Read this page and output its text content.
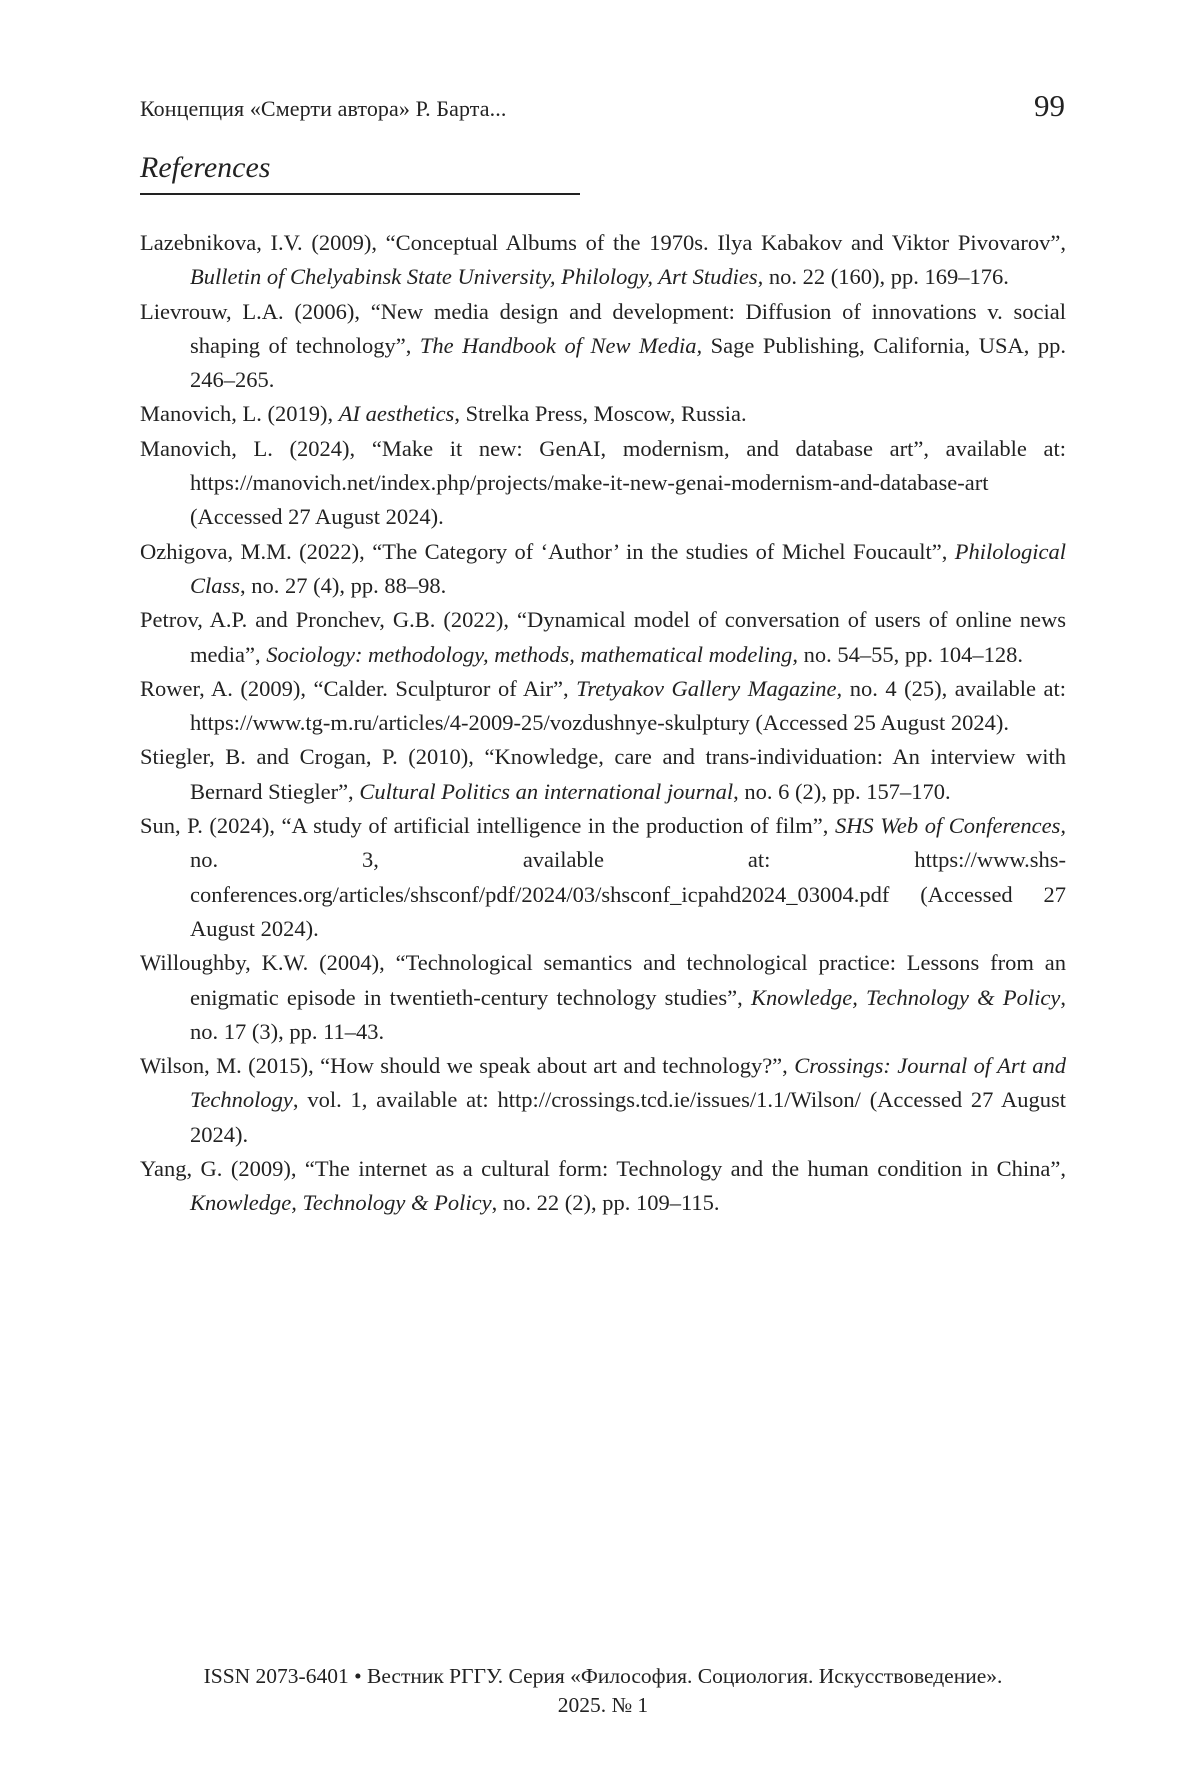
Концепция «Смерти автора» Р. Барта...	99
References

Lazebnikova, I.V. (2009), “Conceptual Albums of the 1970s. Ilya Kabakov and Viktor Pivovarov”, Bulletin of Chelyabinsk State University, Philology, Art Studies, no. 22 (160), pp. 169–176.

Lievrouw, L.A. (2006), “New media design and development: Diffusion of innovations v. social shaping of technology”, The Handbook of New Media, Sage Publishing, California, USA, pp. 246–265.

Manovich, L. (2019), AI aesthetics, Strelka Press, Moscow, Russia.

Manovich, L. (2024), “Make it new: GenAI, modernism, and database art”, available at: https://manovich.net/index.php/projects/make-it-new-genai-modernism-and-database-art (Accessed 27 August 2024).

Ozhigova, M.M. (2022), “The Category of ‘Author’ in the studies of Michel Foucault”, Philological Class, no. 27 (4), pp. 88–98.

Petrov, A.P. and Pronchev, G.B. (2022), “Dynamical model of conversation of users of online news media”, Sociology: methodology, methods, mathematical modeling, no. 54–55, pp. 104–128.

Rower, A. (2009), “Calder. Sculpturor of Air”, Tretyakov Gallery Magazine, no. 4 (25), available at: https://www.tg-m.ru/articles/4-2009-25/vozdushnye-skulptury (Accessed 25 August 2024).

Stiegler, B. and Crogan, P. (2010), “Knowledge, care and trans-individuation: An interview with Bernard Stiegler”, Cultural Politics an international journal, no. 6 (2), pp. 157–170.

Sun, P. (2024), “A study of artificial intelligence in the production of film”, SHS Web of Conferences, no. 3, available at: https://www.shs-conferences.org/articles/shsconf/pdf/2024/03/shsconf_icpahd2024_03004.pdf (Accessed 27 August 2024).

Willoughby, K.W. (2004), “Technological semantics and technological practice: Lessons from an enigmatic episode in twentieth-century technology studies”, Knowledge, Technology & Policy, no. 17 (3), pp. 11–43.

Wilson, M. (2015), “How should we speak about art and technology?”, Crossings: Journal of Art and Technology, vol. 1, available at: http://crossings.tcd.ie/issues/1.1/Wilson/ (Accessed 27 August 2024).

Yang, G. (2009), “The internet as a cultural form: Technology and the human condition in China”, Knowledge, Technology & Policy, no. 22 (2), pp. 109–115.

ISSN 2073-6401 • Вестник РГГУ. Серия «Философия. Социология. Искусствоведение».
2025. № 1
